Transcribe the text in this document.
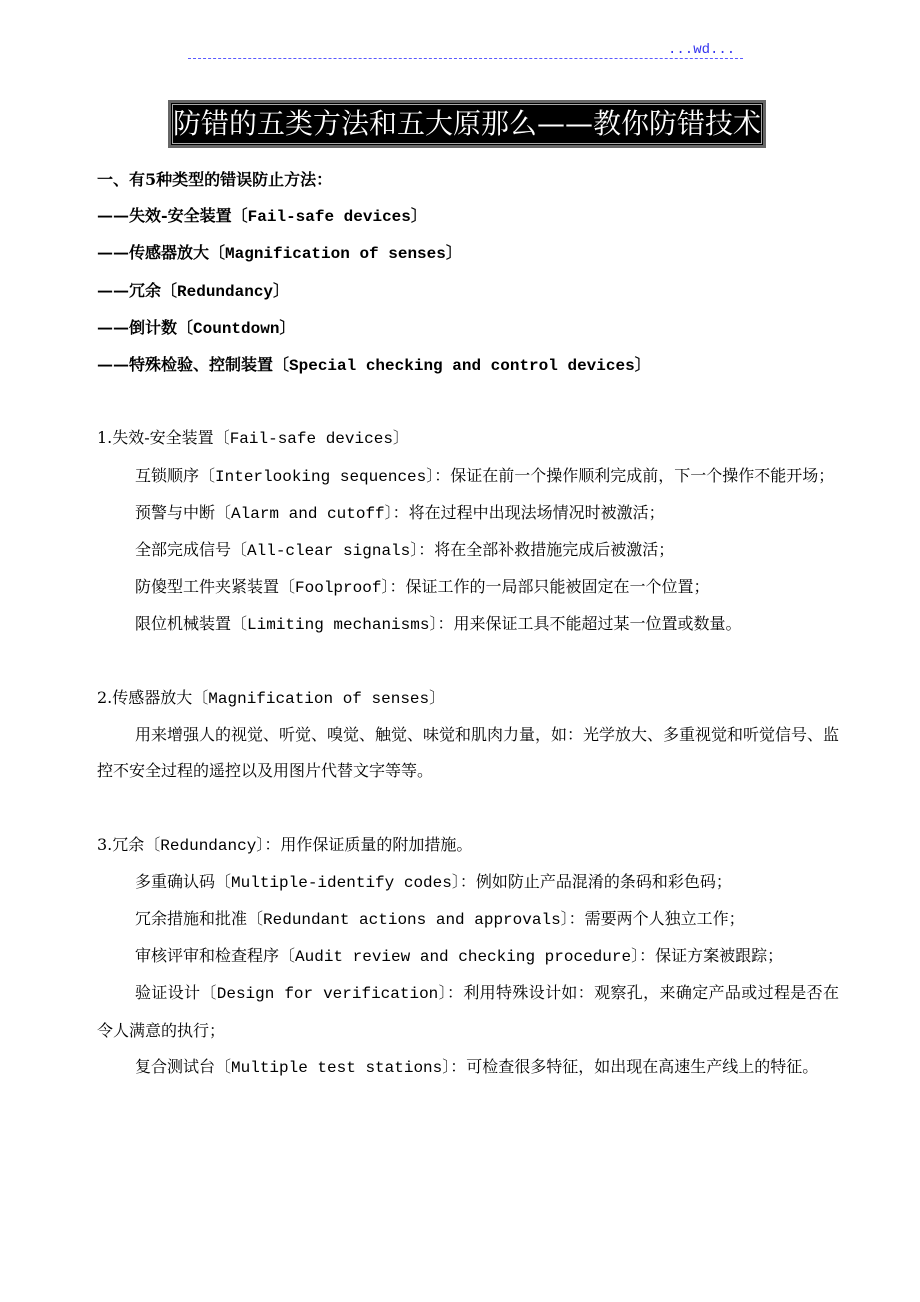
...wd...
防错的五类方法和五大原那么——教你防错技术
一、有5种类型的错误防止方法：
——失效-安全装置〔Fail-safe devices〕
——传感器放大〔Magnification of senses〕
——冗余〔Redundancy〕
——倒计数〔Countdown〕
——特殊检验、控制装置〔Special checking and control devices〕
1.失效-安全装置〔Fail-safe devices〕
互锁顺序〔Interlooking sequences〕：保证在前一个操作顺利完成前，下一个操作不能开场；
预警与中断〔Alarm and cutoff〕：将在过程中出现法场情况时被激活；
全部完成信号〔All-clear signals〕：将在全部补救措施完成后被激活；
防傻型工件夹紧装置〔Foolproof〕：保证工作的一局部只能被固定在一个位置；
限位机械装置〔Limiting mechanisms〕：用来保证工具不能超过某一位置或数量。
2.传感器放大〔Magnification of senses〕
用来增强人的视觉、听觉、嗅觉、触觉、味觉和肌肉力量，如：光学放大、多重视觉和听觉信号、监控不安全过程的遥控以及用图片代替文字等等。
3.冗余〔Redundancy〕：用作保证质量的附加措施。
多重确认码〔Multiple-identify codes〕：例如防止产品混淆的条码和彩色码；
冗余措施和批准〔Redundant actions and approvals〕：需要两个人独立工作；
审核评审和检查程序〔Audit review and checking procedure〕：保证方案被跟踪；
验证设计〔Design for verification〕：利用特殊设计如：观察孔，来确定产品或过程是否在令人满意的执行；
复合测试台〔Multiple test stations〕：可检查很多特征，如出现在高速生产线上的特征。
